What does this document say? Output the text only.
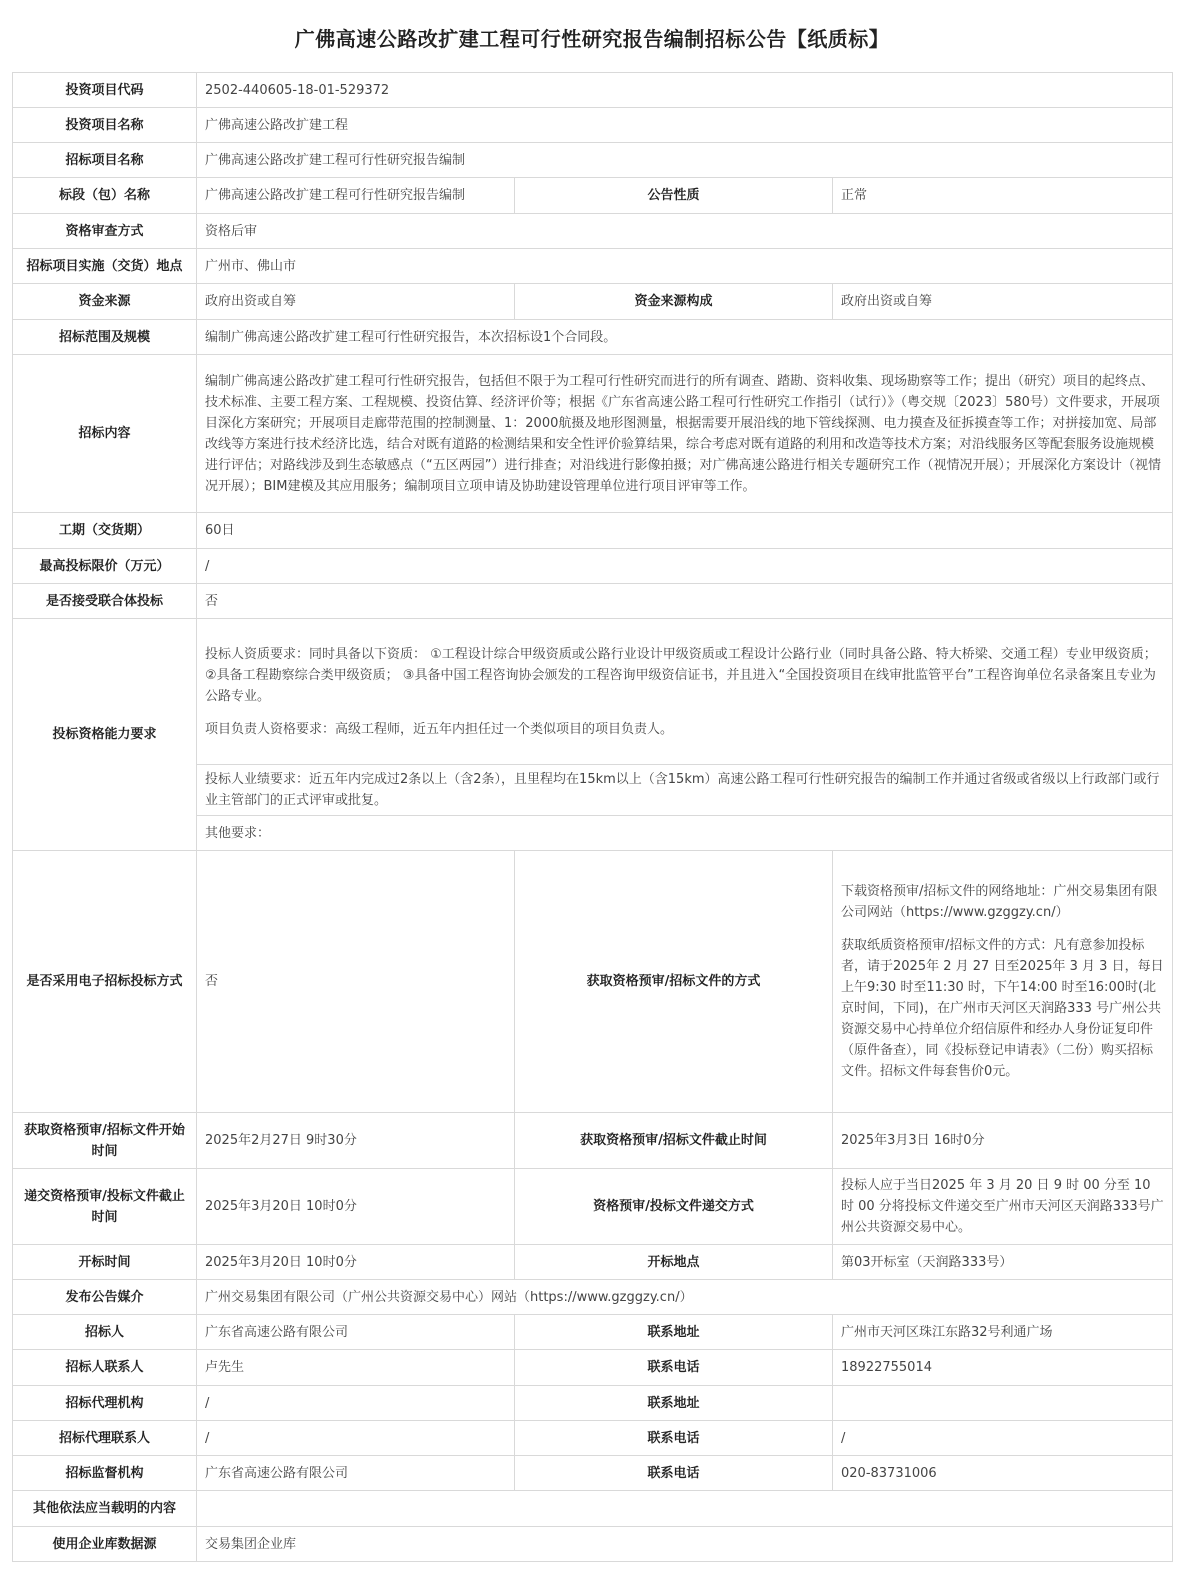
广佛高速公路改扩建工程可行性研究报告编制招标公告【纸质标】
投资项目代码	2502-440605-18-01-529372		
投资项目名称	广佛高速公路改扩建工程		
招标项目名称	广佛高速公路改扩建工程可行性研究报告编制		
标段（包）名称	广佛高速公路改扩建工程可行性研究报告编制	公告性质	正常
资格审查方式	资格后审		
招标项目实施（交货）地点	广州市、佛山市		
资金来源	政府出资或自筹	资金来源构成	政府出资或自筹
招标范围及规模	编制广佛高速公路改扩建工程可行性研究报告，本次招标设1个合同段。		
招标内容	编制广佛高速公路改扩建工程可行性研究报告，包括但不限于为工程可行性研究而进行的所有调查、踏勘、资料收集、现场勘察等工作；提出（研究）项目的起终点、技术标准、主要工程方案、工程规模、投资估算、经济评价等；根据《广东省高速公路工程可行性研究工作指引（试行）》（粤交规〔2023〕580号）文件要求，开展项目深化方案研究；开展项目走廊带范围的控制测量、1：2000航摄及地形图测量，根据需要开展沿线的地下管线探测、电力摸查及征拆摸查等工作；对拼接加宽、局部改线等方案进行技术经济比选，结合对既有道路的检测结果和安全性评价验算结果，综合考虑对既有道路的利用和改造等技术方案；对沿线服务区等配套服务设施规模进行评估；对路线涉及到生态敏感点（“五区两园”）进行排查；对沿线进行影像拍摄；对广佛高速公路进行相关专题研究工作（视情况开展）；开展深化方案设计（视情况开展）；BIM建模及其应用服务；编制项目立项申请及协助建设管理单位进行项目评审等工作。		
工期（交货期）	60日		
最高投标限价（万元）	/		
是否接受联合体投标	否		
投标资格能力要求	投标人资质要求：同时具备以下资质： ①工程设计综合甲级资质或公路行业设计甲级资质或工程设计公路行业（同时具备公路、特大桥梁、交通工程）专业甲级资质； ②具备工程勘察综合类甲级资质； ③具备中国工程咨询协会颁发的工程咨询甲级资信证书，并且进入“全国投资项目在线审批监管平台”工程咨询单位名录备案且专业为公路专业。

项目负责人资格要求：高级工程师，近五年内担任过一个类似项目的项目负责人。		

	投标人业绩要求：近五年内完成过2条以上（含2条），且里程均在15km以上（含15km）高速公路工程可行性研究报告的编制工作并通过省级或省级以上行政部门或行业主管部门的正式评审或批复。		
	其他要求：		
是否采用电子招标投标方式	否	获取资格预审/招标文件的方式	下载资格预审/招标文件的网络地址：广州交易集团有限公司网站（https://www.gzggzy.cn/）

获取纸质资格预审/招标文件的方式：凡有意参加投标者，请于2025年 2 月 27 日至2025年 3 月 3 日，每日上午9:30 时至11:30 时，下午14:00 时至16:00时(北京时间，下同)，在广州市天河区天润路333 号广州公共资源交易中心持单位介绍信原件和经办人身份证复印件（原件备查），同《投标登记申请表》（二份）购买招标文件。招标文件每套售价0元。

获取资格预审/招标文件开始时间	2025年2月27日 9时30分	获取资格预审/招标文件截止时间	2025年3月3日 16时0分
递交资格预审/投标文件截止时间	2025年3月20日 10时0分	资格预审/投标文件递交方式	投标人应于当日2025 年 3 月 20 日 9 时 00 分至 10 时 00 分将投标文件递交至广州市天河区天润路333号广州公共资源交易中心。
开标时间	2025年3月20日 10时0分	开标地点	第03开标室（天润路333号）
发布公告媒介	广州交易集团有限公司（广州公共资源交易中心）网站（https://www.gzggzy.cn/）		
招标人	广东省高速公路有限公司	联系地址	广州市天河区珠江东路32号利通广场
招标人联系人	卢先生	联系电话	18922755014
招标代理机构	/	联系地址	
招标代理联系人	/	联系电话	/
招标监督机构	广东省高速公路有限公司	联系电话	020-83731006
其他依法应当载明的内容			
使用企业库数据源	交易集团企业库		
